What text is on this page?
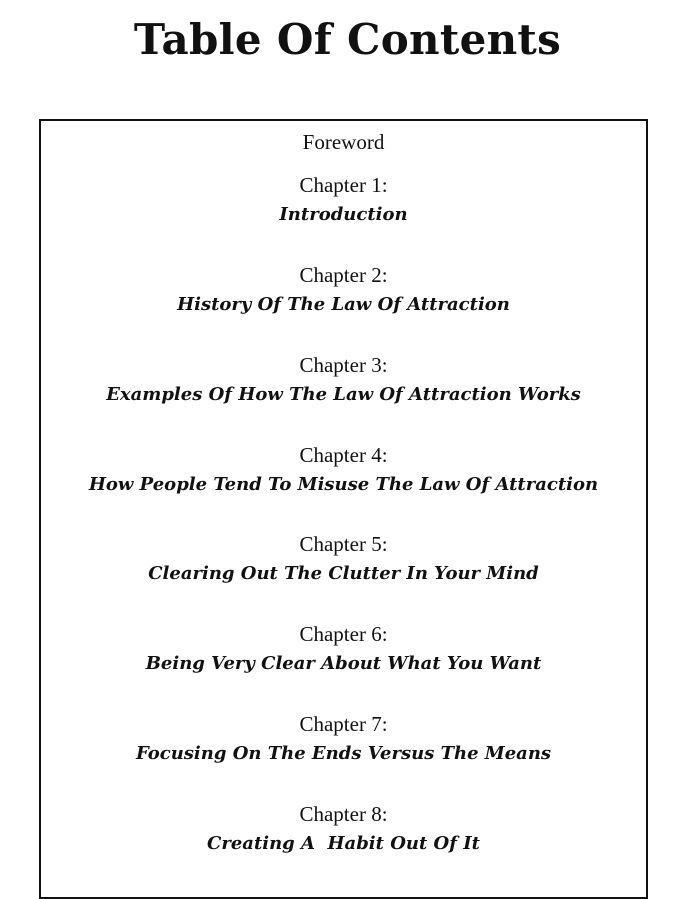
Table Of Contents
Foreword
Chapter 1:
Introduction
Chapter 2:
History Of The Law Of Attraction
Chapter 3:
Examples Of How The Law Of Attraction Works
Chapter 4:
How People Tend To Misuse The Law Of Attraction
Chapter 5:
Clearing Out The Clutter In Your Mind
Chapter 6:
Being Very Clear About What You Want
Chapter 7:
Focusing On The Ends Versus The Means
Chapter 8:
Creating A  Habit Out Of It
